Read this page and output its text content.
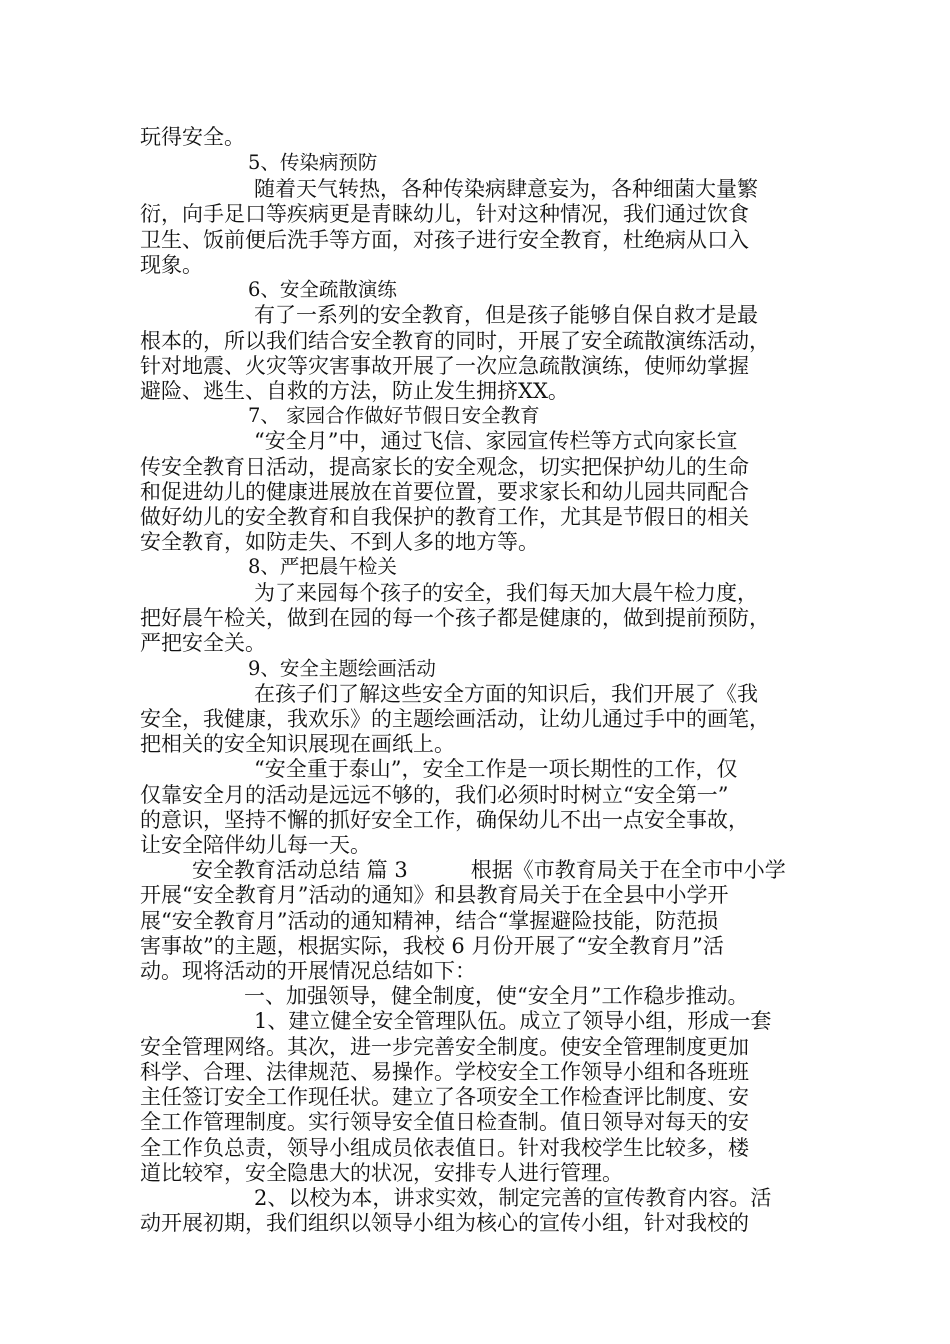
玩得安全。
5、传染病预防
随着天气转热，各种传染病肆意妄为，各种细菌大量繁
衍，向手足口等疾病更是青睐幼儿，针对这种情况，我们通过饮食
卫生、饭前便后洗手等方面，对孩子进行安全教育，杜绝病从口入
现象。
6、安全疏散演练
有了一系列的安全教育，但是孩子能够自保自救才是最
根本的，所以我们结合安全教育的同时，开展了安全疏散演练活动，
针对地震、火灾等灾害事故开展了一次应急疏散演练，使师幼掌握
避险、逃生、自救的方法，防止发生拥挤XX。
7、 家园合作做好节假日安全教育
“安全月”中，通过飞信、家园宣传栏等方式向家长宣
传安全教育日活动，提高家长的安全观念，切实把保护幼儿的生命
和促进幼儿的健康进展放在首要位置，要求家长和幼儿园共同配合
做好幼儿的安全教育和自我保护的教育工作，尤其是节假日的相关
安全教育，如防走失、不到人多的地方等。
8、严把晨午检关
为了来园每个孩子的安全，我们每天加大晨午检力度，
把好晨午检关，做到在园的每一个孩子都是健康的，做到提前预防，
严把安全关。
9、安全主题绘画活动
在孩子们了解这些安全方面的知识后，我们开展了《我
安全，我健康，我欢乐》的主题绘画活动，让幼儿通过手中的画笔，
把相关的安全知识展现在画纸上。
“安全重于泰山”，安全工作是一项长期性的工作，仅
仅靠安全月的活动是远远不够的，我们必须时时树立“安全第一”
的意识，坚持不懈的抓好安全工作，确保幼儿不出一点安全事故，
让安全陪伴幼儿每一天。
安全教育活动总结 篇 3　　　根据《市教育局关于在全市中小学
开展“安全教育月”活动的通知》和县教育局关于在全县中小学开
展“安全教育月”活动的通知精神，结合“掌握避险技能，防范损
害事故”的主题，根据实际，我校 6 月份开展了“安全教育月”活
动。现将活动的开展情况总结如下：
一、加强领导，健全制度，使“安全月”工作稳步推动。
1、建立健全安全管理队伍。成立了领导小组，形成一套
安全管理网络。其次，进一步完善安全制度。使安全管理制度更加
科学、合理、法律规范、易操作。学校安全工作领导小组和各班班
主任签订安全工作现任状。建立了各项安全工作检查评比制度、安
全工作管理制度。实行领导安全值日检查制。值日领导对每天的安
全工作负总责，领导小组成员依表值日。针对我校学生比较多，楼
道比较窄，安全隐患大的状况，安排专人进行管理。
2、以校为本，讲求实效，制定完善的宣传教育内容。活
动开展初期，我们组织以领导小组为核心的宣传小组，针对我校的
